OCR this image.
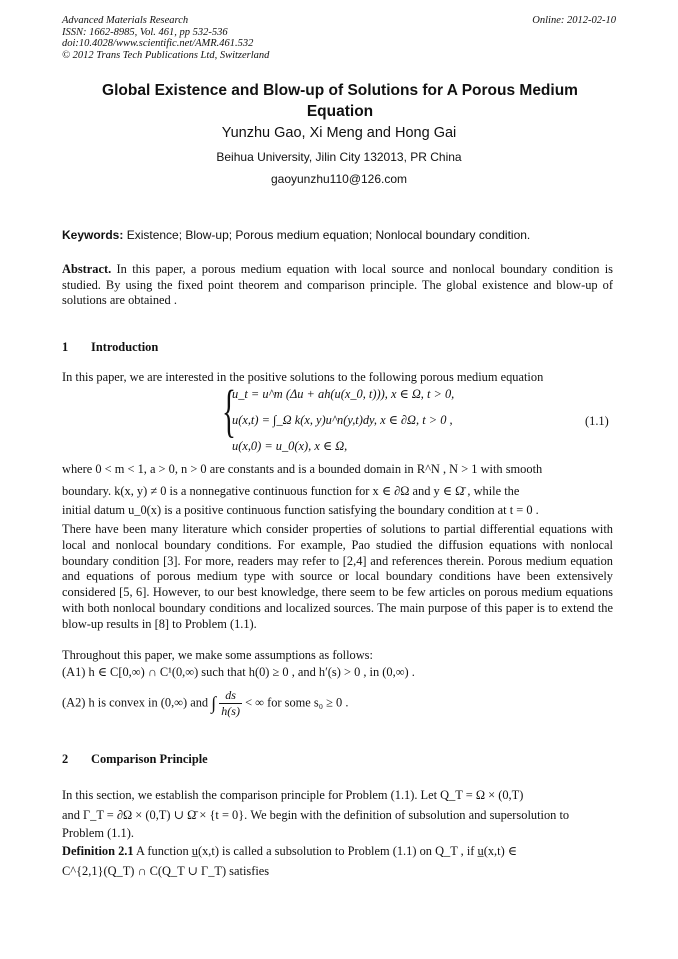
Advanced Materials Research
ISSN: 1662-8985, Vol. 461, pp 532-536
doi:10.4028/www.scientific.net/AMR.461.532
© 2012 Trans Tech Publications Ltd, Switzerland
Online: 2012-02-10
Global Existence and Blow-up of Solutions for A Porous Medium Equation
Yunzhu Gao, Xi Meng and Hong Gai
Beihua University, Jilin City 132013, PR China
gaoyunzhu110@126.com
Keywords: Existence; Blow-up; Porous medium equation; Nonlocal boundary condition.
Abstract. In this paper, a porous medium equation with local source and nonlocal boundary condition is studied. By using the fixed point theorem and comparison principle. The global existence and blow-up of solutions are obtained .
1 Introduction
In this paper, we are interested in the positive solutions to the following porous medium equation
{
u_t = u^m (Δu + ah(u(x_0, t))), x ∈ Ω, t > 0,
u(x,t) = ∫_Ω k(x, y)u^n(y,t)dy, x ∈ ∂Ω, t > 0 ,
u(x,0) = u_0(x), x ∈ Ω,
(1.1)
where 0 < m < 1, a > 0, n > 0 are constants and is a bounded domain in R^N , N > 1 with smooth
boundary. k(x, y) ≠ 0 is a nonnegative continuous function for x ∈ ∂Ω and y ∈ Ω̄ , while the
initial datum u_0(x) is a positive continuous function satisfying the boundary condition at t = 0 .
There have been many literature which consider properties of solutions to partial differential equations with local and nonlocal boundary conditions. For example, Pao studied the diffusion equations with nonlocal boundary condition [3]. For more, readers may refer to [2,4] and references therein. Porous medium equation and equations of porous medium type with source or local boundary conditions have been extensively considered [5, 6]. However, to our best knowledge, there seem to be few articles on porous medium equations with both nonlocal boundary conditions and localized sources. The main purpose of this paper is to extend the blow-up results in [8] to Problem (1.1).
Throughout this paper, we make some assumptions as follows:
(A1) h ∈ C[0,∞) ∩ C¹(0,∞) such that h(0) ≥ 0 , and h′(s) > 0 , in (0,∞) .
(A2) h is convex in (0,∞) and ∫ $\frac{ds}{h(s)}$ < ∞ for some s₀ ≥ 0 .
2 Comparison Principle
In this section, we establish the comparison principle for Problem (1.1). Let Q_T = Ω × (0,T)
and Γ_T = ∂Ω × (0,T) ∪ Ω̄ × {t = 0}. We begin with the definition of subsolution and supersolution to
Problem (1.1).
Definition 2.1 A function u̲(x,t) is called a subsolution to Problem (1.1) on Q_T , if u̲(x,t) ∈
C^{2,1}(Q_T) ∩ C(Q_T ∪ Γ_T) satisfies
